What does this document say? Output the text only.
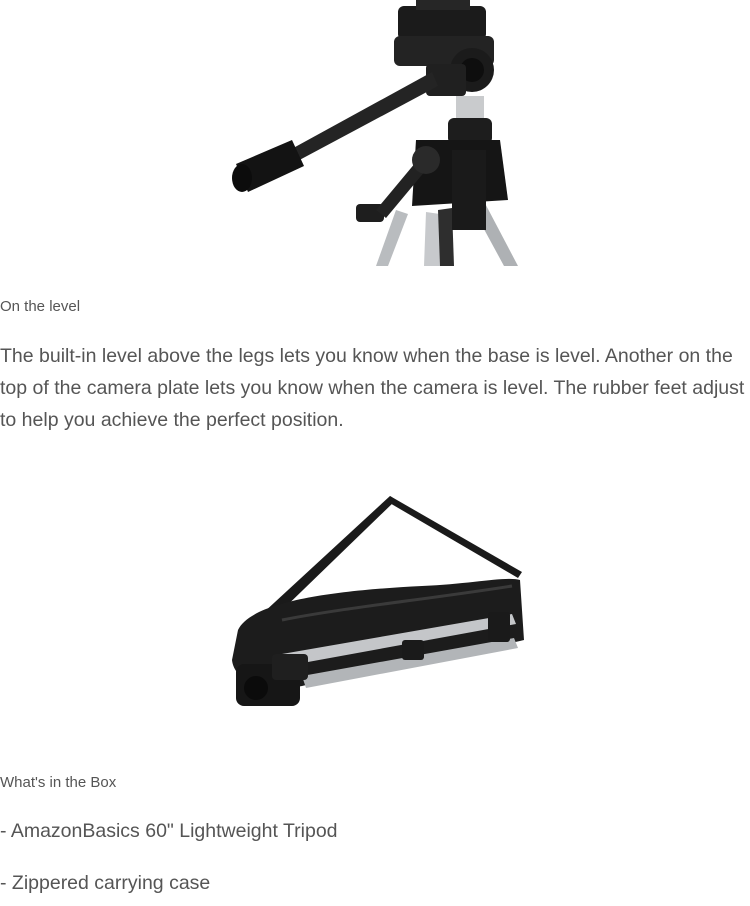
On the level

The built-in level above the legs lets you know when the base is level. Another on the top of the camera plate lets you know when the camera is level. The rubber feet adjust to help you achieve the perfect position.

What's in the Box

- AmazonBasics 60" Lightweight Tripod

- Zippered carrying case
